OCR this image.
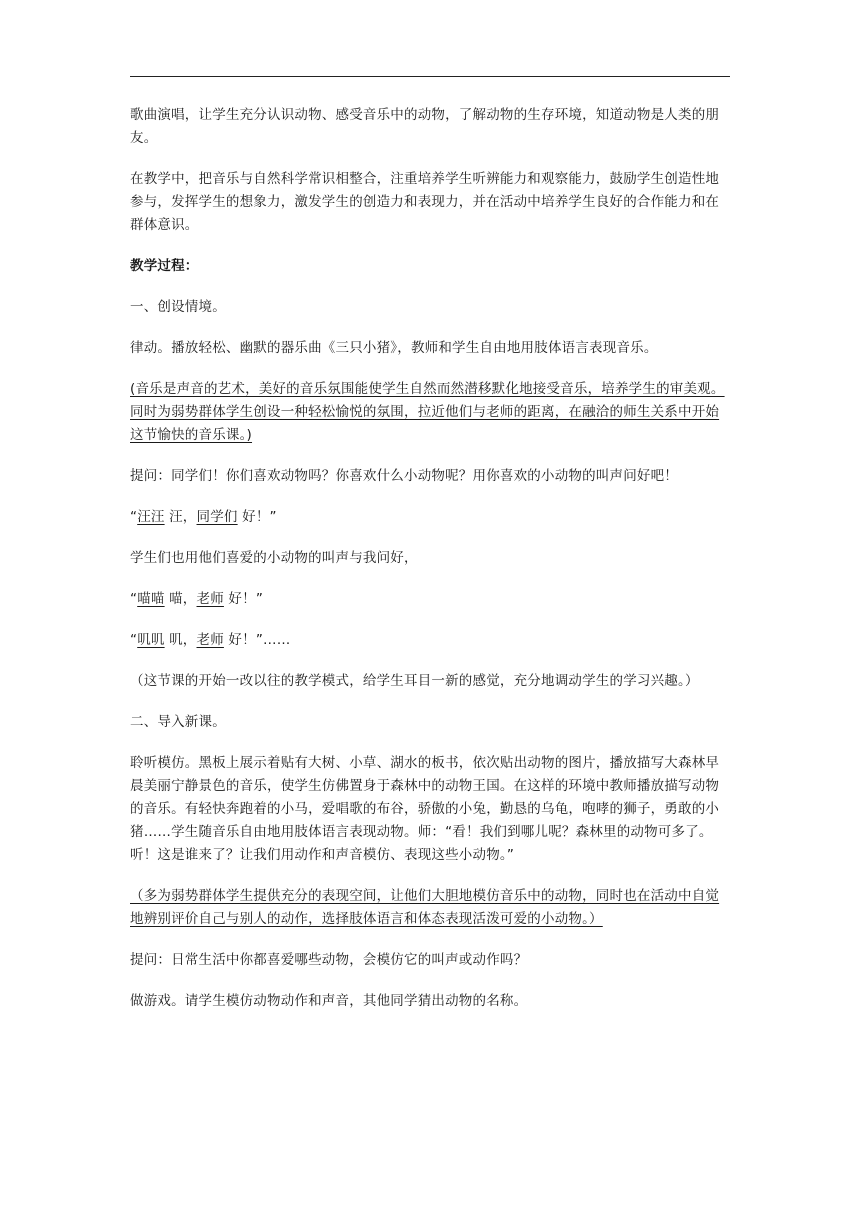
歌曲演唱，让学生充分认识动物、感受音乐中的动物，了解动物的生存环境，知道动物是人类的朋友。

在教学中，把音乐与自然科学常识相整合，注重培养学生听辨能力和观察能力，鼓励学生创造性地参与，发挥学生的想象力，激发学生的创造力和表现力，并在活动中培养学生良好的合作能力和在群体意识。

教学过程：

一、创设情境。

律动。播放轻松、幽默的器乐曲《三只小猪》，教师和学生自由地用肢体语言表现音乐。

(音乐是声音的艺术，美好的音乐氛围能使学生自然而然潜移默化地接受音乐，培养学生的审美观。同时为弱势群体学生创设一种轻松愉悦的氛围，拉近他们与老师的距离，在融洽的师生关系中开始这节愉快的音乐课。)

提问：同学们！你们喜欢动物吗？你喜欢什么小动物呢？用你喜欢的小动物的叫声问好吧！

“汪汪 汪，同学们 好！”

学生们也用他们喜爱的小动物的叫声与我问好，

“喵喵 喵，老师 好！”

“叽叽 叽，老师 好！”……

（这节课的开始一改以往的教学模式，给学生耳目一新的感觉，充分地调动学生的学习兴趣。）

二、导入新课。

聆听模仿。黑板上展示着贴有大树、小草、湖水的板书，依次贴出动物的图片，播放描写大森林早晨美丽宁静景色的音乐，使学生仿佛置身于森林中的动物王国。在这样的环境中教师播放描写动物的音乐。有轻快奔跑着的小马，爱唱歌的布谷，骄傲的小兔，勤恳的乌龟，咆哮的狮子，勇敢的小猪……学生随音乐自由地用肢体语言表现动物。师：“看！我们到哪儿呢？森林里的动物可多了。听！这是谁来了？让我们用动作和声音模仿、表现这些小动物。”

（多为弱势群体学生提供充分的表现空间，让他们大胆地模仿音乐中的动物，同时也在活动中自觉地辨别评价自己与别人的动作，选择肢体语言和体态表现活泼可爱的小动物。）

提问：日常生活中你都喜爱哪些动物，会模仿它的叫声或动作吗？

做游戏。请学生模仿动物动作和声音，其他同学猜出动物的名称。
